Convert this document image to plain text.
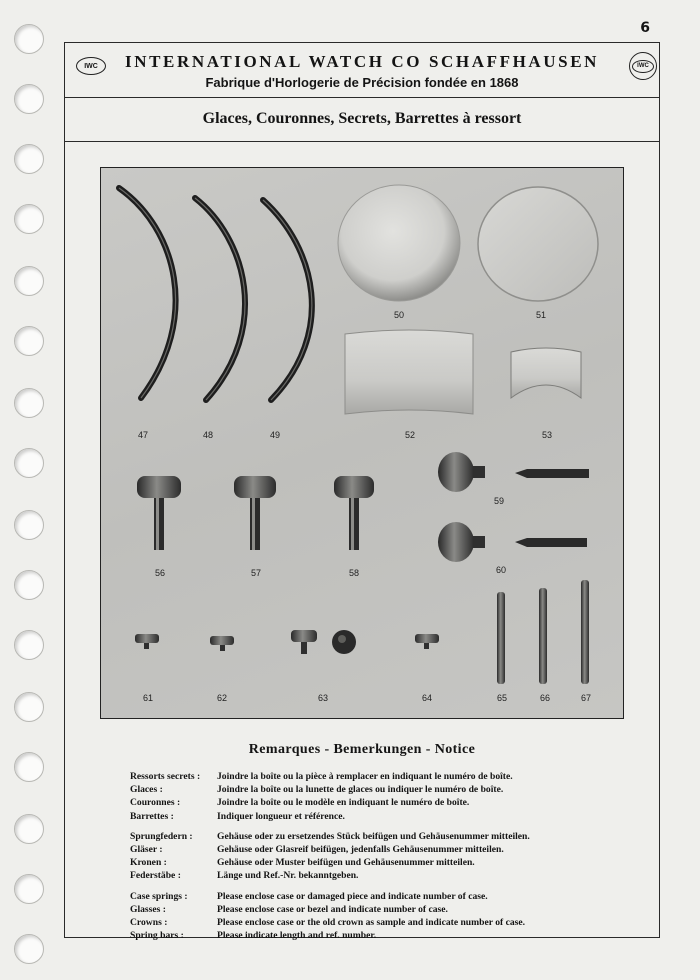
6
IWC	INTERNATIONAL WATCH CO SCHAFFHAUSEN
Fabrique d'Horlogerie de Précision fondée en 1868
IWC
Glaces, Couronnes, Secrets, Barrettes à ressort
47	48	49
50	51
52	53
56	57	58
59
60
61	62	63	64	65	66	67
Remarques - Bemerkungen - Notice
Ressorts secrets :	Joindre la boîte ou la pièce à remplacer en indiquant le numéro de boîte.
Glaces :	Joindre la boîte ou la lunette de glaces ou indiquer le numéro de boîte.
Couronnes :	Joindre la boîte ou le modèle en indiquant le numéro de boîte.
Barrettes :	Indiquer longueur et référence.
Sprungfedern :	Gehäuse oder zu ersetzendes Stück beifügen und Gehäusenummer mitteilen.
Gläser :	Gehäuse oder Glasreif beifügen, jedenfalls Gehäusenummer mitteilen.
Kronen :	Gehäuse oder Muster beifügen und Gehäusenummer mitteilen.
Federstäbe :	Länge und Ref.-Nr. bekanntgeben.
Case springs :	Please enclose case or damaged piece and indicate number of case.
Glasses :	Please enclose case or bezel and indicate number of case.
Crowns :	Please enclose case or the old crown as sample and indicate number of case.
Spring bars :	Please indicate length and ref. number.
